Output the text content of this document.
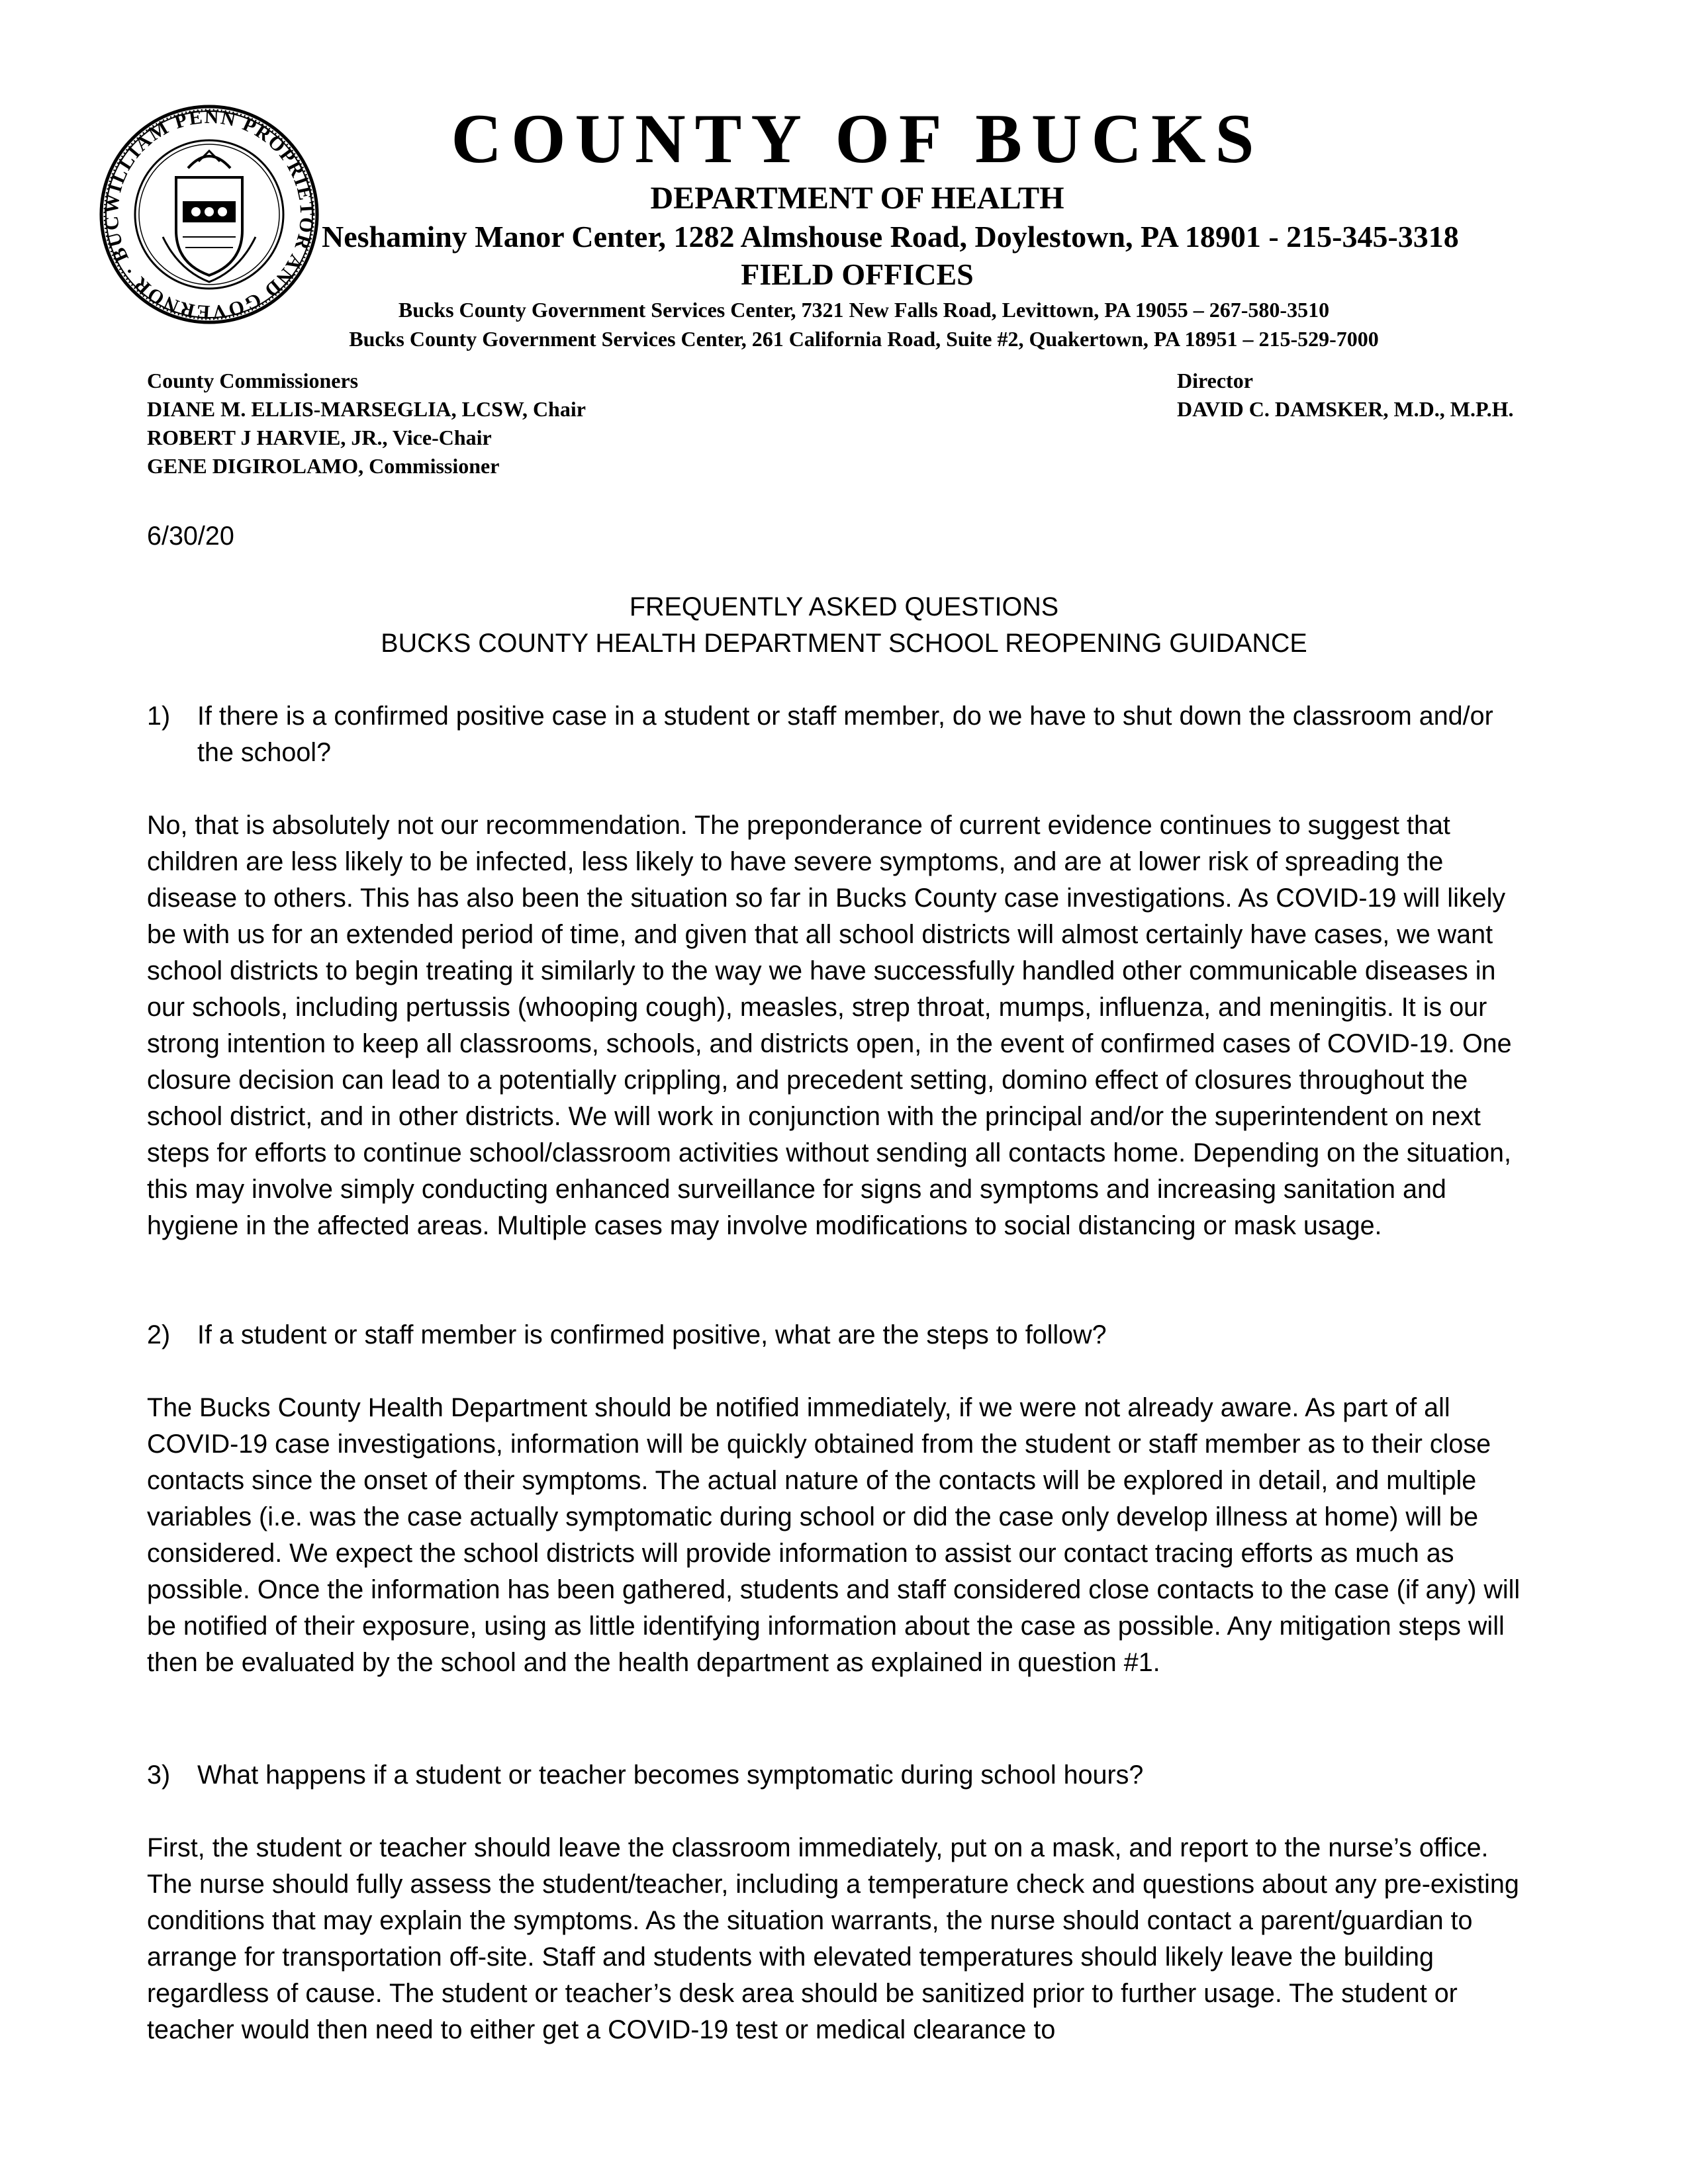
WILLIAM PENN PROPRIETOR AND GOVERNOR · BUC
COUNTY OF BUCKS
DEPARTMENT OF HEALTH
Neshaminy Manor Center, 1282 Almshouse Road, Doylestown, PA 18901 - 215-345-3318
FIELD OFFICES
Bucks County Government Services Center, 7321 New Falls Road, Levittown, PA 19055 – 267-580-3510
Bucks County Government Services Center, 261 California Road, Suite #2, Quakertown, PA 18951 – 215-529-7000
County Commissioners
DIANE M. ELLIS-MARSEGLIA, LCSW, Chair
ROBERT J HARVIE, JR., Vice-Chair
GENE DIGIROLAMO, Commissioner
Director
DAVID C. DAMSKER, M.D., M.P.H.
6/30/20
FREQUENTLY ASKED QUESTIONS
BUCKS COUNTY HEALTH DEPARTMENT SCHOOL REOPENING GUIDANCE
1) If there is a confirmed positive case in a student or staff member, do we have to shut down the classroom and/or the school?
No, that is absolutely not our recommendation. The preponderance of current evidence continues to suggest that children are less likely to be infected, less likely to have severe symptoms, and are at lower risk of spreading the disease to others. This has also been the situation so far in Bucks County case investigations. As COVID-19 will likely be with us for an extended period of time, and given that all school districts will almost certainly have cases, we want school districts to begin treating it similarly to the way we have successfully handled other communicable diseases in our schools, including pertussis (whooping cough), measles, strep throat, mumps, influenza, and meningitis. It is our strong intention to keep all classrooms, schools, and districts open, in the event of confirmed cases of COVID-19. One closure decision can lead to a potentially crippling, and precedent setting, domino effect of closures throughout the school district, and in other districts. We will work in conjunction with the principal and/or the superintendent on next steps for efforts to continue school/classroom activities without sending all contacts home. Depending on the situation, this may involve simply conducting enhanced surveillance for signs and symptoms and increasing sanitation and hygiene in the affected areas. Multiple cases may involve modifications to social distancing or mask usage.
2) If a student or staff member is confirmed positive, what are the steps to follow?
The Bucks County Health Department should be notified immediately, if we were not already aware. As part of all COVID-19 case investigations, information will be quickly obtained from the student or staff member as to their close contacts since the onset of their symptoms. The actual nature of the contacts will be explored in detail, and multiple variables (i.e. was the case actually symptomatic during school or did the case only develop illness at home) will be considered. We expect the school districts will provide information to assist our contact tracing efforts as much as possible. Once the information has been gathered, students and staff considered close contacts to the case (if any) will be notified of their exposure, using as little identifying information about the case as possible. Any mitigation steps will then be evaluated by the school and the health department as explained in question #1.
3) What happens if a student or teacher becomes symptomatic during school hours?
First, the student or teacher should leave the classroom immediately, put on a mask, and report to the nurse’s office. The nurse should fully assess the student/teacher, including a temperature check and questions about any pre-existing conditions that may explain the symptoms. As the situation warrants, the nurse should contact a parent/guardian to arrange for transportation off-site. Staff and students with elevated temperatures should likely leave the building regardless of cause. The student or teacher’s desk area should be sanitized prior to further usage. The student or teacher would then need to either get a COVID-19 test or medical clearance to
